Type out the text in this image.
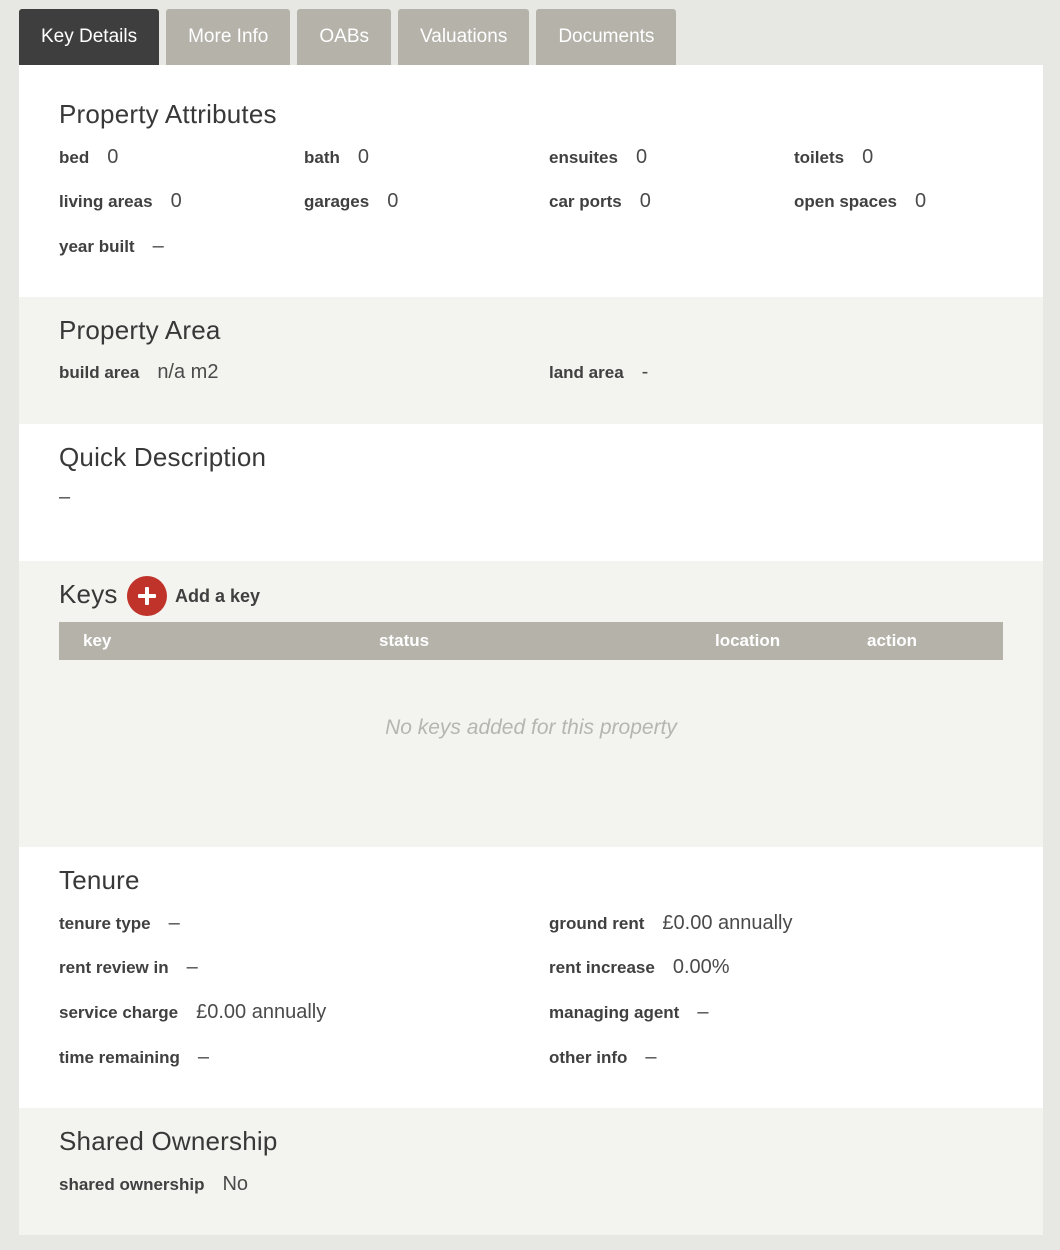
Key Details	More Info	OABs	Valuations	Documents
Property Attributes
bed 0	bath 0	ensuites 0	toilets 0
living areas 0	garages 0	car ports 0	open spaces 0
year built –
Property Area
build area n/a m2	land area -
Quick Description
–
Keys	Add a key
key	status	location	action
No keys added for this property
Tenure
tenure type –	ground rent £0.00 annually
rent review in –	rent increase 0.00%
service charge £0.00 annually	managing agent –
time remaining –	other info –
Shared Ownership
shared ownership No
